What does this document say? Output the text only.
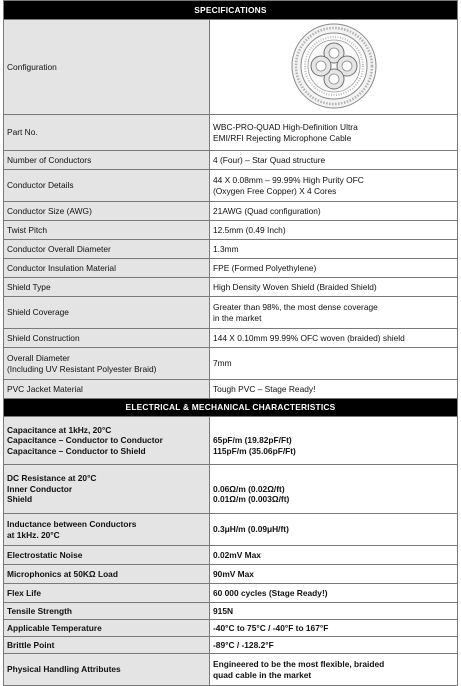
SPECIFICATIONS	
Configuration	

Part No.	WBC-PRO-QUAD High-Definition Ultra
EMI/RFI Rejecting Microphone Cable

Number of Conductors	4 (Four) – Star Quad structure

Conductor Details	44 X 0.08mm – 99.99% High Purity OFC
(Oxygen Free Copper) X 4 Cores

Conductor Size (AWG)	21AWG (Quad configuration)

Twist Pitch	12.5mm (0.49 Inch)

Conductor Overall Diameter	1.3mm

Conductor Insulation Material	FPE (Formed Polyethylene)

Shield Type	High Density Woven Shield (Braided Shield)

Shield Coverage	Greater than 98%, the most dense coverage
in the market

Shield Construction	144 X 0.10mm 99.99% OFC woven (braided) shield

Overall Diameter
(Including UV Resistant Polyester Braid)	7mm

PVC Jacket Material	Tough PVC – Stage Ready!

ELECTRICAL & MECHANICAL CHARACTERISTICS	

Capacitance at 1kHz, 20°C
Capacitance – Conductor to Conductor
Capacitance – Conductor to Shield	65pF/m (19.82pF/Ft)
115pF/m (35.06pF/Ft)

DC Resistance at 20°C
Inner Conductor
Shield	0.06Ω/m (0.02Ω/ft)
0.01Ω/m (0.003Ω/ft)

Inductance between Conductors
at 1kHz. 20°C	0.3μH/m (0.09μH/ft)

Electrostatic Noise	0.02mV Max

Microphonics at 50KΩ Load	90mV Max

Flex Life	60 000 cycles (Stage Ready!)

Tensile Strength	915N

Applicable Temperature	-40°C to 75°C / -40°F to 167°F

Brittle Point	-89°C / -128.2°F

Physical Handling Attributes	Engineered to be the most flexible, braided
quad cable in the market
